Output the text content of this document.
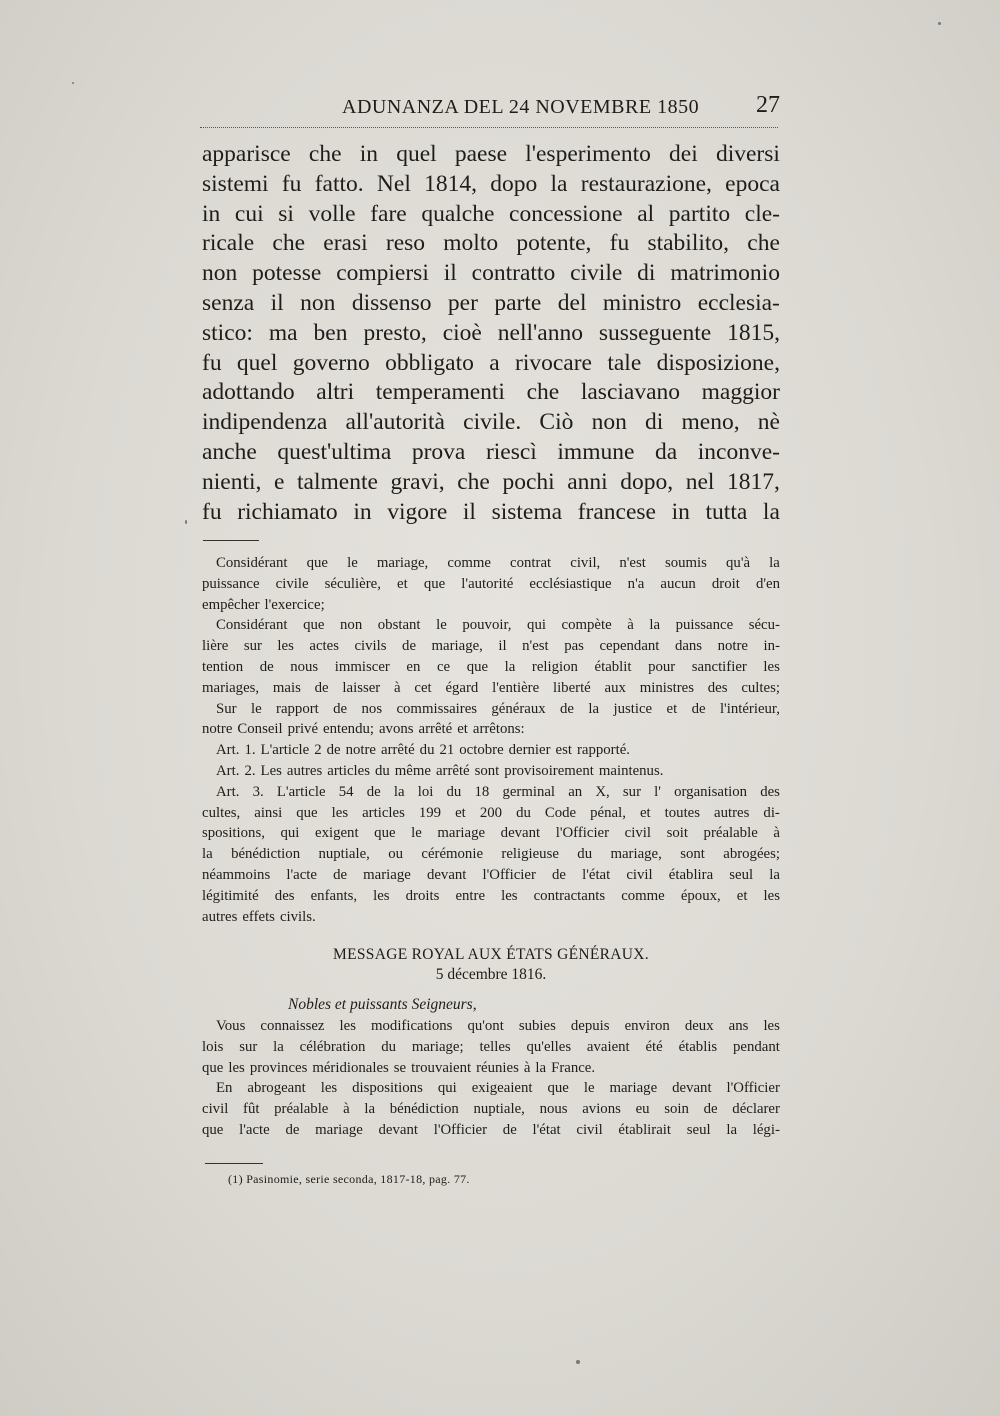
ADUNANZA DEL 24 NOVEMBRE 1850 27
apparisce che in quel paese l'esperimento dei diversi
sistemi fu fatto. Nel 1814, dopo la restaurazione, epoca
in cui si volle fare qualche concessione al partito cle-
ricale che erasi reso molto potente, fu stabilito, che
non potesse compiersi il contratto civile di matrimonio
senza il non dissenso per parte del ministro ecclesia-
stico: ma ben presto, cioè nell'anno susseguente 1815,
fu quel governo obbligato a rivocare tale disposizione,
adottando altri temperamenti che lasciavano maggior
indipendenza all'autorità civile. Ciò non di meno, nè
anche quest'ultima prova riescì immune da inconve-
nienti, e talmente gravi, che pochi anni dopo, nel 1817,
fu richiamato in vigore il sistema francese in tutta la
Considérant que le mariage, comme contrat civil, n'est soumis qu'à la
puissance civile séculière, et que l'autorité ecclésiastique n'a aucun droit d'en
empêcher l'exercice;
Considérant que non obstant le pouvoir, qui compète à la puissance sécu-
lière sur les actes civils de mariage, il n'est pas cependant dans notre in-
tention de nous immiscer en ce que la religion établit pour sanctifier les
mariages, mais de laisser à cet égard l'entière liberté aux ministres des cultes;
Sur le rapport de nos commissaires généraux de la justice et de l'intérieur,
notre Conseil privé entendu; avons arrêté et arrêtons:
Art. 1. L'article 2 de notre arrêté du 21 octobre dernier est rapporté.
Art. 2. Les autres articles du même arrêté sont provisoirement maintenus.
Art. 3. L'article 54 de la loi du 18 germinal an X, sur l' organisation des
cultes, ainsi que les articles 199 et 200 du Code pénal, et toutes autres di-
spositions, qui exigent que le mariage devant l'Officier civil soit préalable à
la bénédiction nuptiale, ou cérémonie religieuse du mariage, sont abrogées;
néammoins l'acte de mariage devant l'Officier de l'état civil établira seul la
légitimité des enfants, les droits entre les contractants comme époux, et les
autres effets civils.
MESSAGE ROYAL AUX ÉTATS GÉNÉRAUX.
5 décembre 1816.
Nobles et puissants Seigneurs,
Vous connaissez les modifications qu'ont subies depuis environ deux ans les
lois sur la célébration du mariage; telles qu'elles avaient été établis pendant
que les provinces méridionales se trouvaient réunies à la France.
En abrogeant les dispositions qui exigeaient que le mariage devant l'Officier
civil fût préalable à la bénédiction nuptiale, nous avions eu soin de déclarer
que l'acte de mariage devant l'Officier de l'état civil établirait seul la légi-
(1) Pasinomie, serie seconda, 1817-18, pag. 77.
